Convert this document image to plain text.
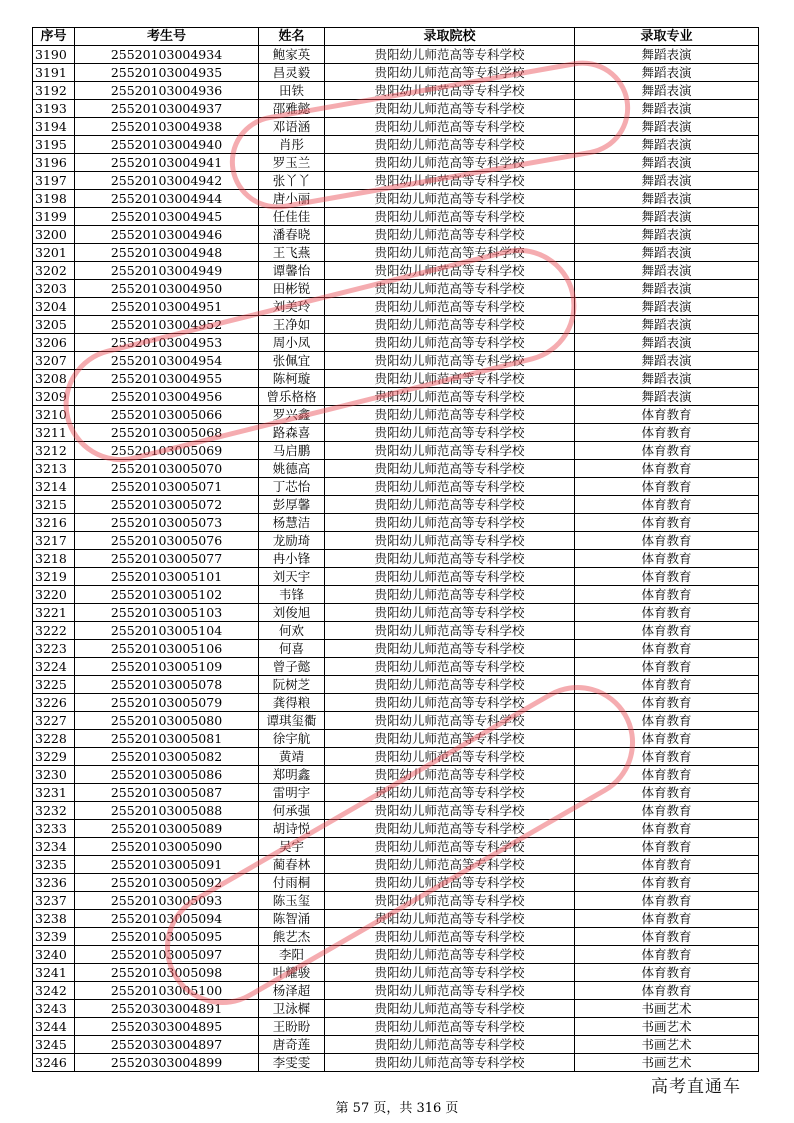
序号	考生号	姓名	录取院校	录取专业
3190	25520103004934	鲍家英	贵阳幼儿师范高等专科学校	舞蹈表演
3191	25520103004935	昌灵毅	贵阳幼儿师范高等专科学校	舞蹈表演
3192	25520103004936	田铁	贵阳幼儿师范高等专科学校	舞蹈表演
3193	25520103004937	邵雅懿	贵阳幼儿师范高等专科学校	舞蹈表演
3194	25520103004938	邓语涵	贵阳幼儿师范高等专科学校	舞蹈表演
3195	25520103004940	肖彤	贵阳幼儿师范高等专科学校	舞蹈表演
3196	25520103004941	罗玉兰	贵阳幼儿师范高等专科学校	舞蹈表演
3197	25520103004942	张丫丫	贵阳幼儿师范高等专科学校	舞蹈表演
3198	25520103004944	唐小丽	贵阳幼儿师范高等专科学校	舞蹈表演
3199	25520103004945	任佳佳	贵阳幼儿师范高等专科学校	舞蹈表演
3200	25520103004946	潘春晓	贵阳幼儿师范高等专科学校	舞蹈表演
3201	25520103004948	王飞燕	贵阳幼儿师范高等专科学校	舞蹈表演
3202	25520103004949	谭馨怡	贵阳幼儿师范高等专科学校	舞蹈表演
3203	25520103004950	田彬锐	贵阳幼儿师范高等专科学校	舞蹈表演
3204	25520103004951	刘美玲	贵阳幼儿师范高等专科学校	舞蹈表演
3205	25520103004952	王净如	贵阳幼儿师范高等专科学校	舞蹈表演
3206	25520103004953	周小凤	贵阳幼儿师范高等专科学校	舞蹈表演
3207	25520103004954	张佩宜	贵阳幼儿师范高等专科学校	舞蹈表演
3208	25520103004955	陈柯璇	贵阳幼儿师范高等专科学校	舞蹈表演
3209	25520103004956	曾乐格格	贵阳幼儿师范高等专科学校	舞蹈表演
3210	25520103005066	罗兴鑫	贵阳幼儿师范高等专科学校	体育教育
3211	25520103005068	路森喜	贵阳幼儿师范高等专科学校	体育教育
3212	25520103005069	马启鹏	贵阳幼儿师范高等专科学校	体育教育
3213	25520103005070	姚德高	贵阳幼儿师范高等专科学校	体育教育
3214	25520103005071	丁芯怡	贵阳幼儿师范高等专科学校	体育教育
3215	25520103005072	彭厚馨	贵阳幼儿师范高等专科学校	体育教育
3216	25520103005073	杨慧洁	贵阳幼儿师范高等专科学校	体育教育
3217	25520103005076	龙励琦	贵阳幼儿师范高等专科学校	体育教育
3218	25520103005077	冉小锋	贵阳幼儿师范高等专科学校	体育教育
3219	25520103005101	刘天宇	贵阳幼儿师范高等专科学校	体育教育
3220	25520103005102	韦锋	贵阳幼儿师范高等专科学校	体育教育
3221	25520103005103	刘俊旭	贵阳幼儿师范高等专科学校	体育教育
3222	25520103005104	何欢	贵阳幼儿师范高等专科学校	体育教育
3223	25520103005106	何喜	贵阳幼儿师范高等专科学校	体育教育
3224	25520103005109	曾子懿	贵阳幼儿师范高等专科学校	体育教育
3225	25520103005078	阮树芝	贵阳幼儿师范高等专科学校	体育教育
3226	25520103005079	龚得粮	贵阳幼儿师范高等专科学校	体育教育
3227	25520103005080	谭琪玺衢	贵阳幼儿师范高等专科学校	体育教育
3228	25520103005081	徐宇航	贵阳幼儿师范高等专科学校	体育教育
3229	25520103005082	黄靖	贵阳幼儿师范高等专科学校	体育教育
3230	25520103005086	郑明鑫	贵阳幼儿师范高等专科学校	体育教育
3231	25520103005087	雷明宇	贵阳幼儿师范高等专科学校	体育教育
3232	25520103005088	何承强	贵阳幼儿师范高等专科学校	体育教育
3233	25520103005089	胡诗悦	贵阳幼儿师范高等专科学校	体育教育
3234	25520103005090	吴宇	贵阳幼儿师范高等专科学校	体育教育
3235	25520103005091	蔺春林	贵阳幼儿师范高等专科学校	体育教育
3236	25520103005092	付雨桐	贵阳幼儿师范高等专科学校	体育教育
3237	25520103005093	陈玉玺	贵阳幼儿师范高等专科学校	体育教育
3238	25520103005094	陈智涌	贵阳幼儿师范高等专科学校	体育教育
3239	25520103005095	熊艺杰	贵阳幼儿师范高等专科学校	体育教育
3240	25520103005097	李阳	贵阳幼儿师范高等专科学校	体育教育
3241	25520103005098	叶耀骏	贵阳幼儿师范高等专科学校	体育教育
3242	25520103005100	杨泽超	贵阳幼儿师范高等专科学校	体育教育
3243	25520303004891	卫泳樨	贵阳幼儿师范高等专科学校	书画艺术
3244	25520303004895	王盼盼	贵阳幼儿师范高等专科学校	书画艺术
3245	25520303004897	唐奇莲	贵阳幼儿师范高等专科学校	书画艺术
3246	25520303004899	李雯雯	贵阳幼儿师范高等专科学校	书画艺术
高考直通车
第 57 页，共 316 页
